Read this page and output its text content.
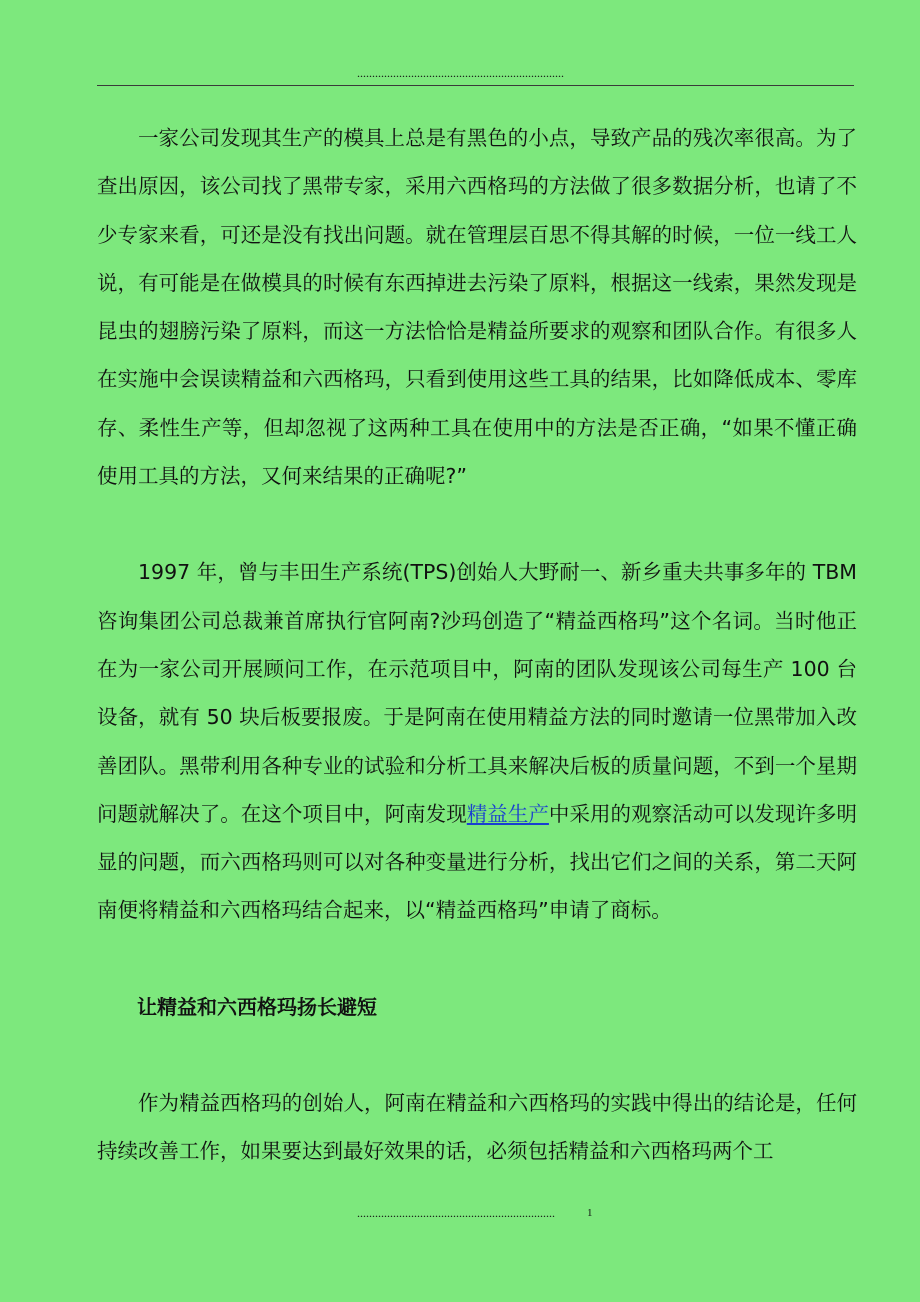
.....................................................................

一家公司发现其生产的模具上总是有黑色的小点，导致产品的残次率很高。为了查出原因，该公司找了黑带专家，采用六西格玛的方法做了很多数据分析，也请了不少专家来看，可还是没有找出问题。就在管理层百思不得其解的时候，一位一线工人说，有可能是在做模具的时候有东西掉进去污染了原料，根据这一线索，果然发现是昆虫的翅膀污染了原料，而这一方法恰恰是精益所要求的观察和团队合作。有很多人在实施中会误读精益和六西格玛，只看到使用这些工具的结果，比如降低成本、零库存、柔性生产等，但却忽视了这两种工具在使用中的方法是否正确，“如果不懂正确使用工具的方法，又何来结果的正确呢?”

1997 年，曾与丰田生产系统(TPS)创始人大野耐一、新乡重夫共事多年的 TBM 咨询集团公司总裁兼首席执行官阿南?沙玛创造了“精益西格玛”这个名词。当时他正在为一家公司开展顾问工作，在示范项目中，阿南的团队发现该公司每生产 100 台设备，就有 50 块后板要报废。于是阿南在使用精益方法的同时邀请一位黑带加入改善团队。黑带利用各种专业的试验和分析工具来解决后板的质量问题，不到一个星期问题就解决了。在这个项目中，阿南发现精益生产中采用的观察活动可以发现许多明显的问题，而六西格玛则可以对各种变量进行分析，找出它们之间的关系，第二天阿南便将精益和六西格玛结合起来，以“精益西格玛”申请了商标。

让精益和六西格玛扬长避短

作为精益西格玛的创始人，阿南在精益和六西格玛的实践中得出的结论是，任何持续改善工作，如果要达到最好效果的话，必须包括精益和六西格玛两个工

..................................................................	1
